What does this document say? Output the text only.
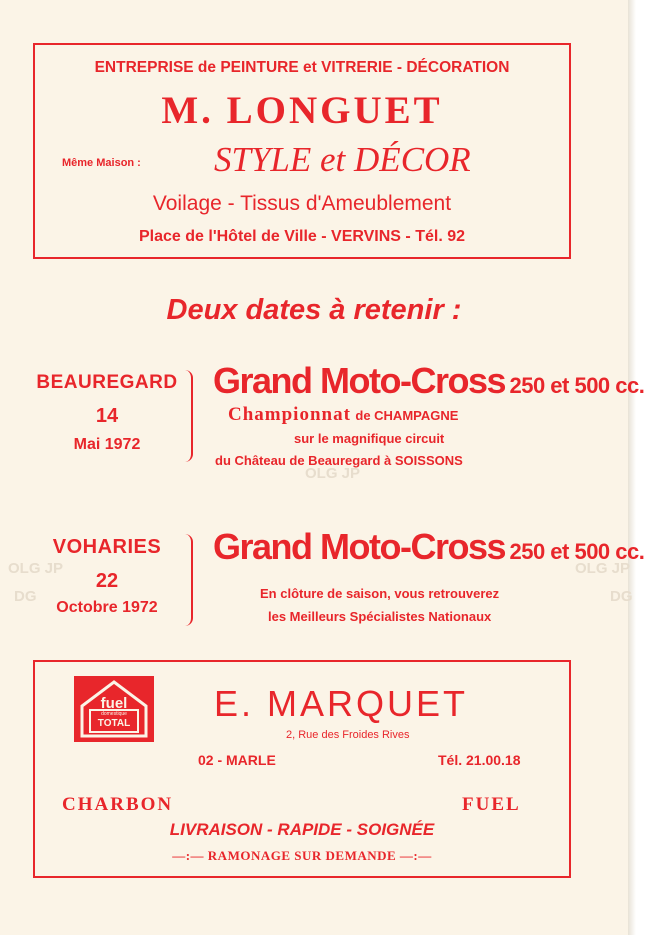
OLG JP
OLG JP	OLG JP
DG	DG
ENTREPRISE de PEINTURE et VITRERIE - DÉCORATION
M. LONGUET
Même Maison : STYLE et DÉCOR
Voilage - Tissus d'Ameublement
Place de l'Hôtel de Ville - VERVINS - Tél. 92
Deux dates à retenir :
BEAUREGARD
14
Mai 1972
Grand Moto-Cross 250 et 500 cc.
Championnat de CHAMPAGNE
sur le magnifique circuit
du Château de Beauregard à SOISSONS
VOHARIES
22
Octobre 1972
Grand Moto-Cross 250 et 500 cc.
En clôture de saison, vous retrouverez
les Meilleurs Spécialistes Nationaux
fuel
domestique
TOTAL	E. MARQUET
2, Rue des Froides Rives
02 - MARLE	Tél. 21.00.18
CHARBON	FUEL
LIVRAISON - RAPIDE - SOIGNÉE
—:— RAMONAGE SUR DEMANDE —:—
